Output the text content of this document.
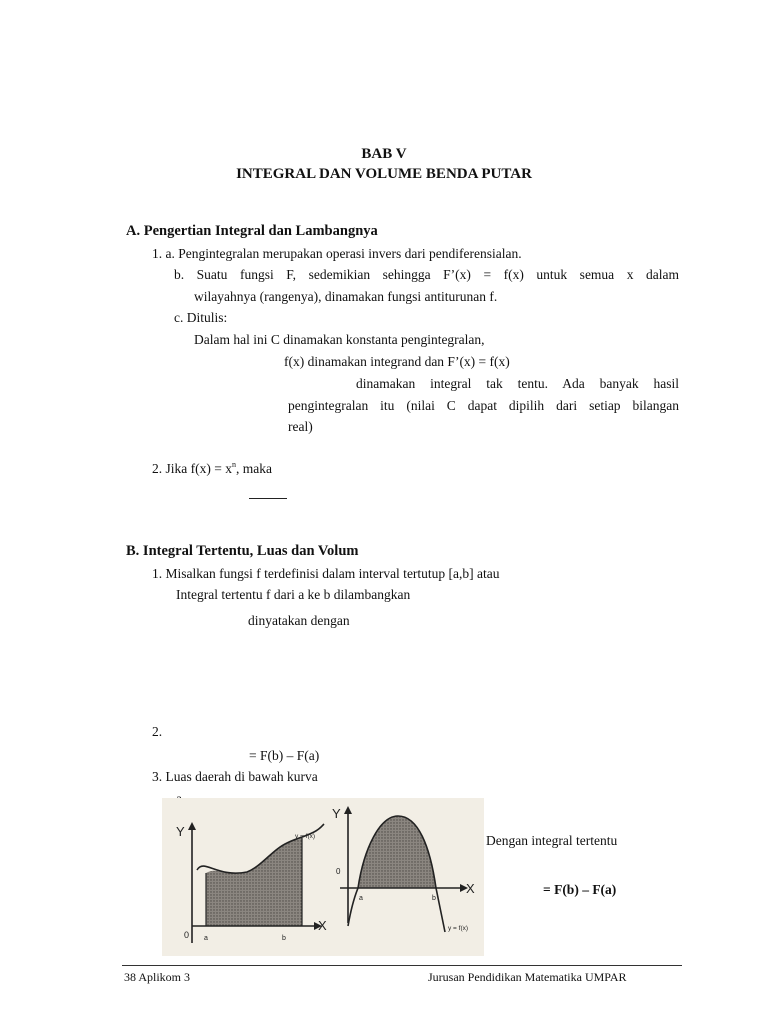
BAB V
INTEGRAL DAN VOLUME BENDA PUTAR
A. Pengertian Integral dan Lambangnya
1. a. Pengintegralan merupakan operasi invers dari pendiferensialan.
b. Suatu fungsi F, sedemikian sehingga F’(x) = f(x) untuk semua x dalam
wilayahnya (rangenya), dinamakan fungsi antiturunan f.
c. Ditulis:
Dalam hal ini C dinamakan konstanta pengintegralan,
f(x) dinamakan integrand dan F’(x) = f(x)
dinamakan integral tak tentu. Ada banyak hasil
pengintegralan itu (nilai C dapat dipilih dari setiap bilangan
real)
2. Jika $f(x) = x^n$, maka
B. Integral Tertentu, Luas dan Volum
1. Misalkan fungsi f terdefinisi dalam interval tertutup [a,b] atau
Integral tertentu f dari a ke b dilambangkan
dinyatakan dengan
2.
= F(b) – F(a)
3. Luas daerah di bawah kurva
Dengan integral tertentu
= F(b) – F(a)
Y
X
y = f(x)
0 a	b
Y
X
y = f(x)
0
a	b
38 Aplikom 3	Jurusan Pendidikan Matematika UMPAR
